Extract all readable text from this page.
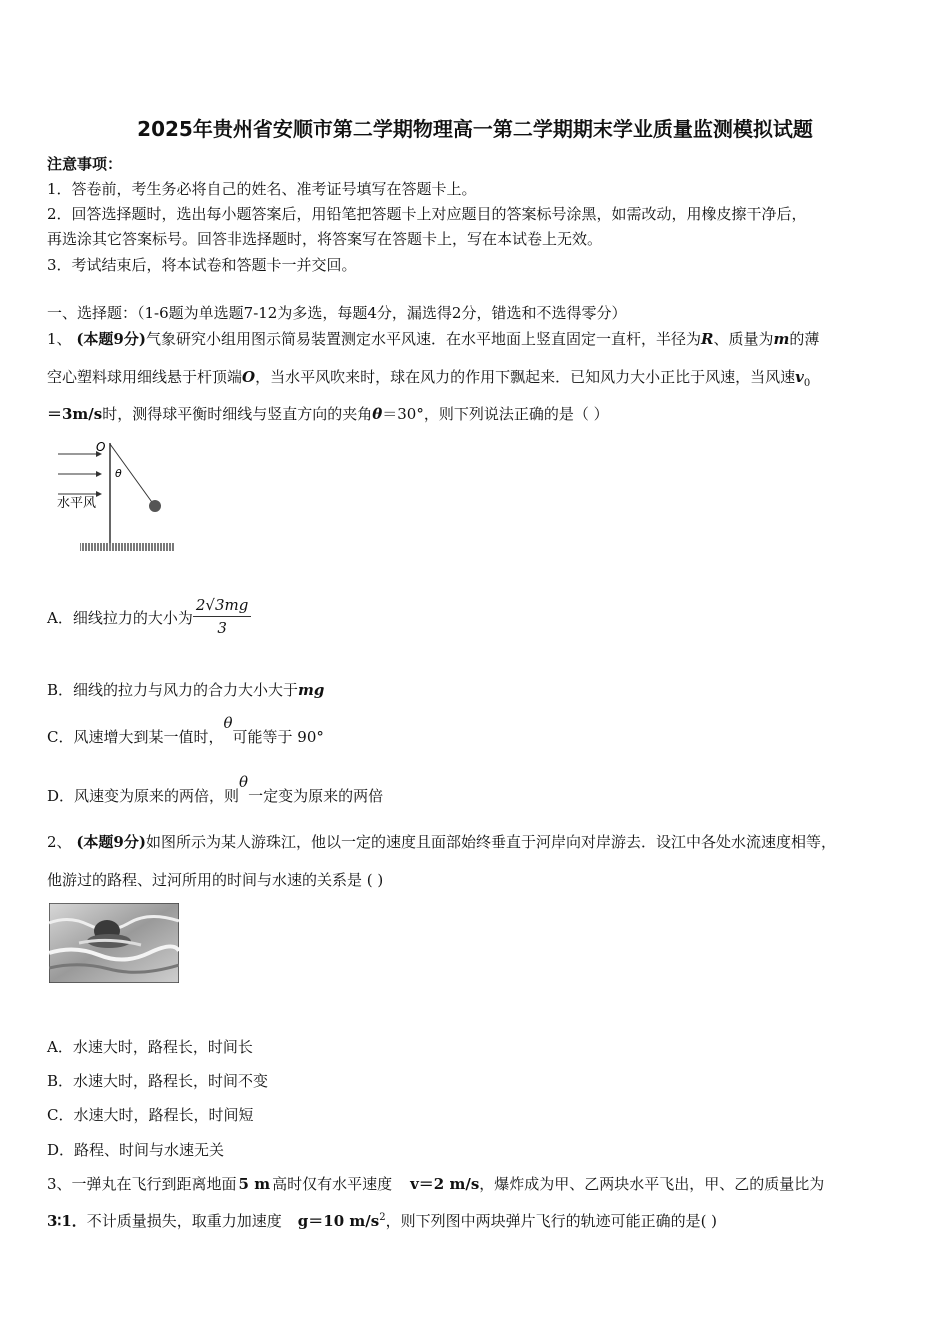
2025年贵州省安顺市第二学期物理高一第二学期期末学业质量监测模拟试题
注意事项：
1．答卷前，考生务必将自己的姓名、准考证号填写在答题卡上。
2．回答选择题时，选出每小题答案后，用铅笔把答题卡上对应题目的答案标号涂黑，如需改动，用橡皮擦干净后，
再选涂其它答案标号。回答非选择题时，将答案写在答题卡上，写在本试卷上无效。
3．考试结束后，将本试卷和答题卡一并交回。
一、选择题：（1-6题为单选题7-12为多选，每题4分，漏选得2分，错选和不选得零分）
1、 (本题9分)气象研究小组用图示简易装置测定水平风速．在水平地面上竖直固定一直杆，半径为R、质量为m的薄
空心塑料球用细线悬于杆顶端O，当水平风吹来时，球在风力的作用下飘起来．已知风力大小正比于风速，当风速$v_0$
＝3m/s时，测得球平衡时细线与竖直方向的夹角θ＝30°，则下列说法正确的是（ ）
O
θ
水平风
A．细线拉力的大小为 $\frac{2√3mg}{3}$
B．细线的拉力与风力的合力大小大于mg
C．风速增大到某一值时，θ可能等于 90°
D．风速变为原来的两倍，则θ一定变为原来的两倍
2、 (本题9分)如图所示为某人游珠江，他以一定的速度且面部始终垂直于河岸向对岸游去．设江中各处水流速度相等，
他游过的路程、过河所用的时间与水速的关系是 ( )
A．水速大时，路程长，时间长
B．水速大时，路程长，时间不变
C．水速大时，路程长，时间短
D．路程、时间与水速无关
3、一弹丸在飞行到距离地面 5 m 高时仅有水平速度 v＝2 m/s，爆炸成为甲、乙两块水平飞出，甲、乙的质量比为
3∶1．不计质量损失，取重力加速度 g＝10 $m/s^2$，则下列图中两块弹片飞行的轨迹可能正确的是( )
